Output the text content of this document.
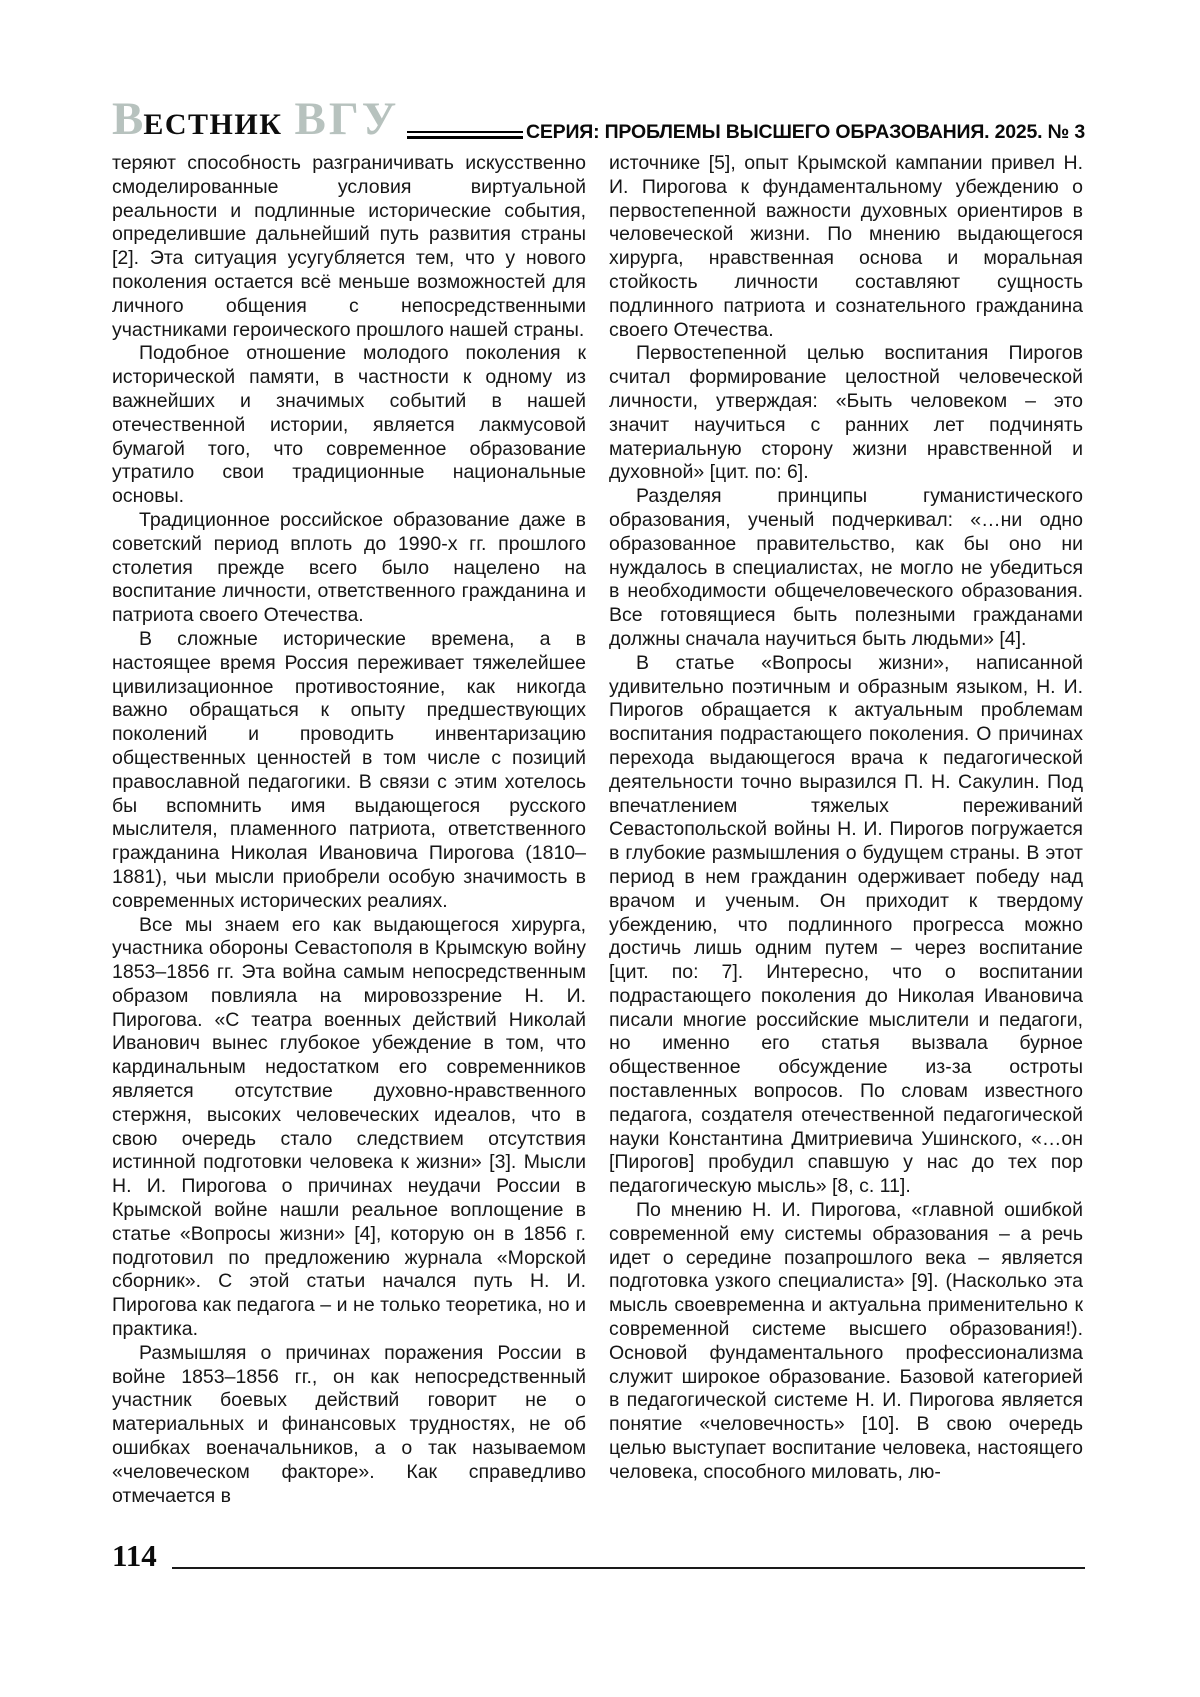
В ЕСТНИК ВГУ	СЕРИЯ: ПРОБЛЕМЫ ВЫСШЕГО ОБРАЗОВАНИЯ. 2025. № 3

теряют способность разграничивать искусственно смоделированные условия виртуальной реальности и подлинные исторические события, определившие дальнейший путь развития страны [2]. Эта ситуация усугубляется тем, что у нового поколения остается всё меньше возможностей для личного общения с непосредственными участниками героического прошлого нашей страны.

Подобное отношение молодого поколения к исторической памяти, в частности к одному из важнейших и значимых событий в нашей отечественной истории, является лакмусовой бумагой того, что современное образование утратило свои традиционные национальные основы.

Традиционное российское образование даже в советский период вплоть до 1990-х гг. прошлого столетия прежде всего было нацелено на воспитание личности, ответственного гражданина и патриота своего Отечества.

В сложные исторические времена, а в настоящее время Россия переживает тяжелейшее цивилизационное противостояние, как никогда важно обращаться к опыту предшествующих поколений и проводить инвентаризацию общественных ценностей в том числе с позиций православной педагогики. В связи с этим хотелось бы вспомнить имя выдающегося русского мыслителя, пламенного патриота, ответственного гражданина Николая Ивановича Пирогова (1810–1881), чьи мысли приобрели особую значимость в современных исторических реалиях.

Все мы знаем его как выдающегося хирурга, участника обороны Севастополя в Крымскую войну 1853–1856 гг. Эта война самым непосредственным образом повлияла на мировоззрение Н. И. Пирогова. «С театра военных действий Николай Иванович вынес глубокое убеждение в том, что кардинальным недостатком его современников является отсутствие духовно-нравственного стержня, высоких человеческих идеалов, что в свою очередь стало следствием отсутствия истинной подготовки человека к жизни» [3]. Мысли Н. И. Пирогова о причинах неудачи России в Крымской войне нашли реальное воплощение в статье «Вопросы жизни» [4], которую он в 1856 г. подготовил по предложению журнала «Морской сборник». С этой статьи начался путь Н. И. Пирогова как педагога – и не только теоретика, но и практика.

Размышляя о причинах поражения России в войне 1853–1856 гг., он как непосредственный участник боевых действий говорит не о материальных и финансовых трудностях, не об ошибках военачальников, а о так называемом «человеческом факторе». Как справедливо отмечается в

источнике [5], опыт Крымской кампании привел Н. И. Пирогова к фундаментальному убеждению о первостепенной важности духовных ориентиров в человеческой жизни. По мнению выдающегося хирурга, нравственная основа и моральная стойкость личности составляют сущность подлинного патриота и сознательного гражданина своего Отечества.

Первостепенной целью воспитания Пирогов считал формирование целостной человеческой личности, утверждая: «Быть человеком – это значит научиться с ранних лет подчинять материальную сторону жизни нравственной и духовной» [цит. по: 6].

Разделяя принципы гуманистического образования, ученый подчеркивал: «…ни одно образованное правительство, как бы оно ни нуждалось в специалистах, не могло не убедиться в необходимости общечеловеческого образования. Все готовящиеся быть полезными гражданами должны сначала научиться быть людьми» [4].

В статье «Вопросы жизни», написанной удивительно поэтичным и образным языком, Н. И. Пирогов обращается к актуальным проблемам воспитания подрастающего поколения. О причинах перехода выдающегося врача к педагогической деятельности точно выразился П. Н. Сакулин. Под впечатлением тяжелых переживаний Севастопольской войны Н. И. Пирогов погружается в глубокие размышления о будущем страны. В этот период в нем гражданин одерживает победу над врачом и ученым. Он приходит к твердому убеждению, что подлинного прогресса можно достичь лишь одним путем – через воспитание [цит. по: 7]. Интересно, что о воспитании подрастающего поколения до Николая Ивановича писали многие российские мыслители и педагоги, но именно его статья вызвала бурное общественное обсуждение из-за остроты поставленных вопросов. По словам известного педагога, создателя отечественной педагогической науки Константина Дмитриевича Ушинского, «…он [Пирогов] пробудил спавшую у нас до тех пор педагогическую мысль» [8, с. 11].

По мнению Н. И. Пирогова, «главной ошибкой современной ему системы образования – а речь идет о середине позапрошлого века – является подготовка узкого специалиста» [9]. (Насколько эта мысль своевременна и актуальна применительно к современной системе высшего образования!). Основой фундаментального профессионализма служит широкое образование. Базовой категорией в педагогической системе Н. И. Пирогова является понятие «человечность» [10]. В свою очередь целью выступает воспитание человека, настоящего человека, способного миловать, лю-

114
